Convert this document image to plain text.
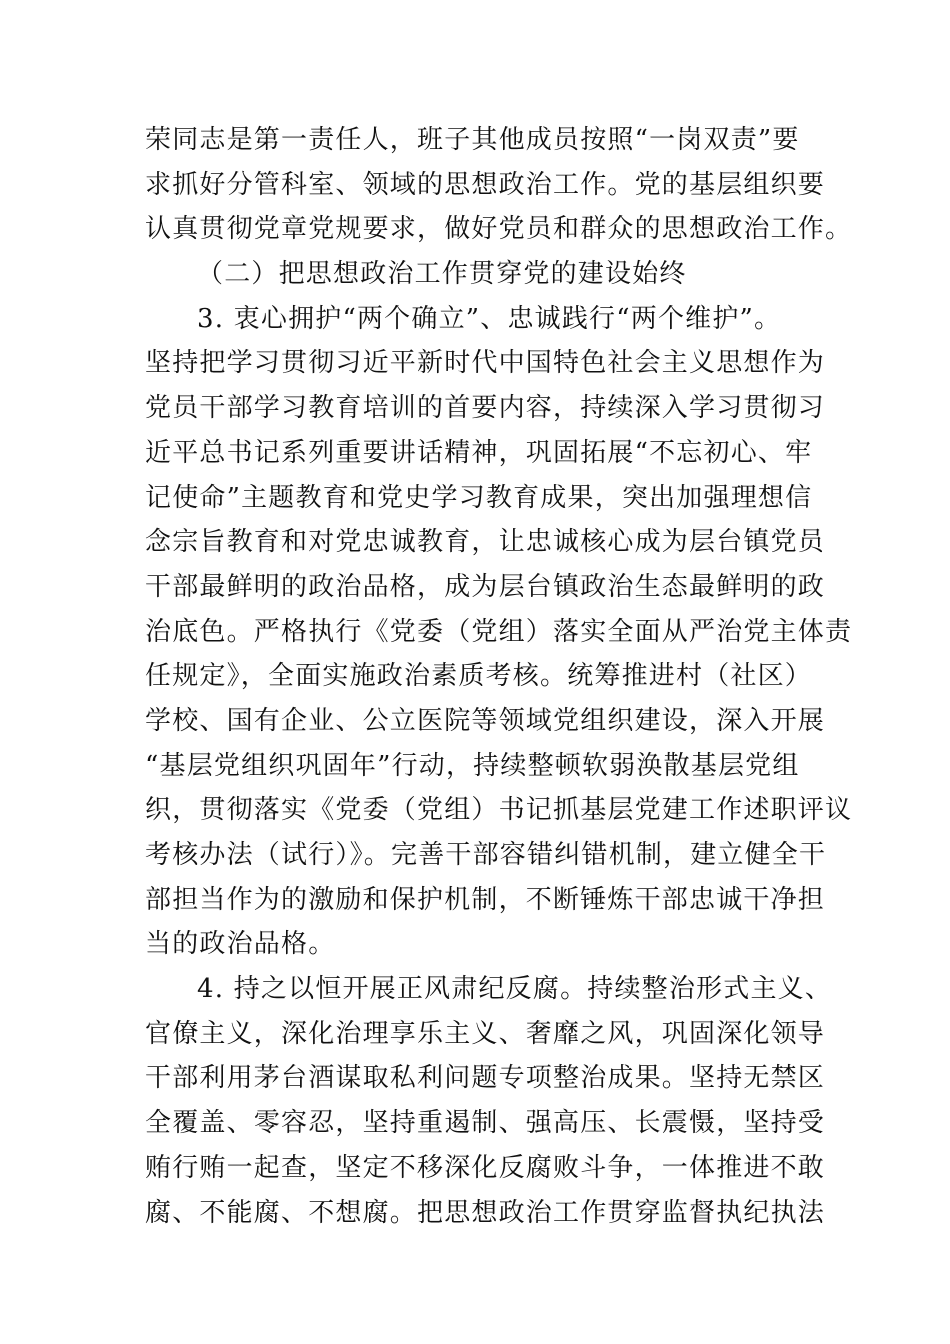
荣同志是第一责任人，班子其他成员按照“一岗双责”要
求抓好分管科室、领域的思想政治工作。党的基层组织要
认真贯彻党章党规要求，做好党员和群众的思想政治工作。
（二）把思想政治工作贯穿党的建设始终
3. 衷心拥护“两个确立”、忠诚践行“两个维护”。
坚持把学习贯彻习近平新时代中国特色社会主义思想作为
党员干部学习教育培训的首要内容，持续深入学习贯彻习
近平总书记系列重要讲话精神，巩固拓展“不忘初心、牢
记使命”主题教育和党史学习教育成果，突出加强理想信
念宗旨教育和对党忠诚教育，让忠诚核心成为层台镇党员
干部最鲜明的政治品格，成为层台镇政治生态最鲜明的政
治底色。严格执行《党委（党组）落实全面从严治党主体责
任规定》，全面实施政治素质考核。统筹推进村（社区）
学校、国有企业、公立医院等领域党组织建设，深入开展
“基层党组织巩固年”行动，持续整顿软弱涣散基层党组
织，贯彻落实《党委（党组）书记抓基层党建工作述职评议
考核办法（试行）》。完善干部容错纠错机制，建立健全干
部担当作为的激励和保护机制，不断锤炼干部忠诚干净担
当的政治品格。
4. 持之以恒开展正风肃纪反腐。持续整治形式主义、
官僚主义，深化治理享乐主义、奢靡之风，巩固深化领导
干部利用茅台酒谋取私利问题专项整治成果。坚持无禁区
全覆盖、零容忍，坚持重遏制、强高压、长震慑，坚持受
贿行贿一起查，坚定不移深化反腐败斗争，一体推进不敢
腐、不能腐、不想腐。把思想政治工作贯穿监督执纪执法
